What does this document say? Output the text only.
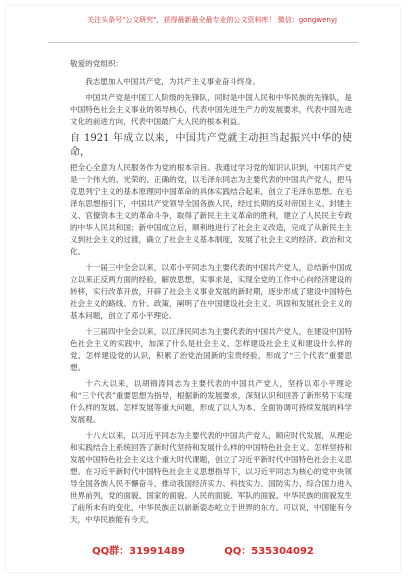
关注头条号"公文研究"，获得最新最全最专业的公文资料库！ 微信：gongwenyj

敬爱的党组织：

我志愿加入中国共产党，为共产主义事业奋斗终身。

中国共产党是中国工人阶级的先锋队，同时是中国人民和中华民族的先锋队，是中国特色社会主义事业的领导核心，代表中国先进生产力的发展要求，代表中国先进文化的前进方向，代表中国最广大人民的根本利益。

自 1921 年成立以来，中国共产党就主动担当起振兴中华的使命，

把全心全意为人民服务作为党的根本宗旨。我通过学习党的知识认识到，中国共产党是一个伟大的、光荣的、正确的党，以毛泽东同志为主要代表的中国共产党人，把马克思列宁主义的基本原理同中国革命的具体实践结合起来，创立了毛泽东思想。在毛泽东思想指引下，中国共产党领导全国各族人民，经过长期的反对帝国主义、封建主义、官僚资本主义的革命斗争，取得了新民主主义革命的胜利，建立了人民民主专政的中华人民共和国；新中国成立后，顺利地进行了社会主义改造，完成了从新民主主义到社会主义的过渡，确立了社会主义基本制度，发展了社会主义的经济、政治和文化。

十一届三中全会以来，以邓小平同志为主要代表的中国共产党人，总结新中国成立以来正反两方面的经验，解放思想，实事求是，实现全党的工作中心向经济建设的转移，实行改革开放，开辟了社会主义事业发展的新时期，逐步形成了建设中国特色社会主义的路线、方针、政策，阐明了在中国建设社会主义、巩固和发展社会主义的基本问题，创立了邓小平理论。

十三届四中全会以来，以江泽民同志为主要代表的中国共产党人，在建设中国特色社会主义的实践中，加深了什么是社会主义、怎样建设社会主义和建设什么样的党、怎样建设党的认识，积累了治党治国新的宝贵经验，形成了“三个代表”重要思想。

十六大以来，以胡锦涛同志为主要代表的中国共产党人，坚持以邓小平理论和“三个代表”重要思想为指导，根据新的发展要求，深刻认识和回答了新形势下实现什么样的发展、怎样发展等重大问题，形成了以人为本、全面协调可持续发展的科学发展观。

十八大以来，以习近平同志为主要代表的中国共产党人，顺应时代发展，从理论和实践结合上系统回答了新时代坚持和发展什么样的中国特色社会主义、怎样坚持和发展中国特色社会主义这个重大时代课题，创立了习近平新时代中国特色社会主义思想。在习近平新时代中国特色社会主义思想指导下，以习近平同志为核心的党中央领导全国各族人民不懈奋斗，推动我国经济实力、科技实力、国防实力、综合国力进入世界前列，党的面貌、国家的面貌、人民的面貌、军队的面貌、中华民族的面貌发生了前所未有的变化，中华民族正以崭新姿态屹立于世界的东方。可以说，中国能有今天，中华民族能有今天，

QQ群：31991489	QQ：535304092
